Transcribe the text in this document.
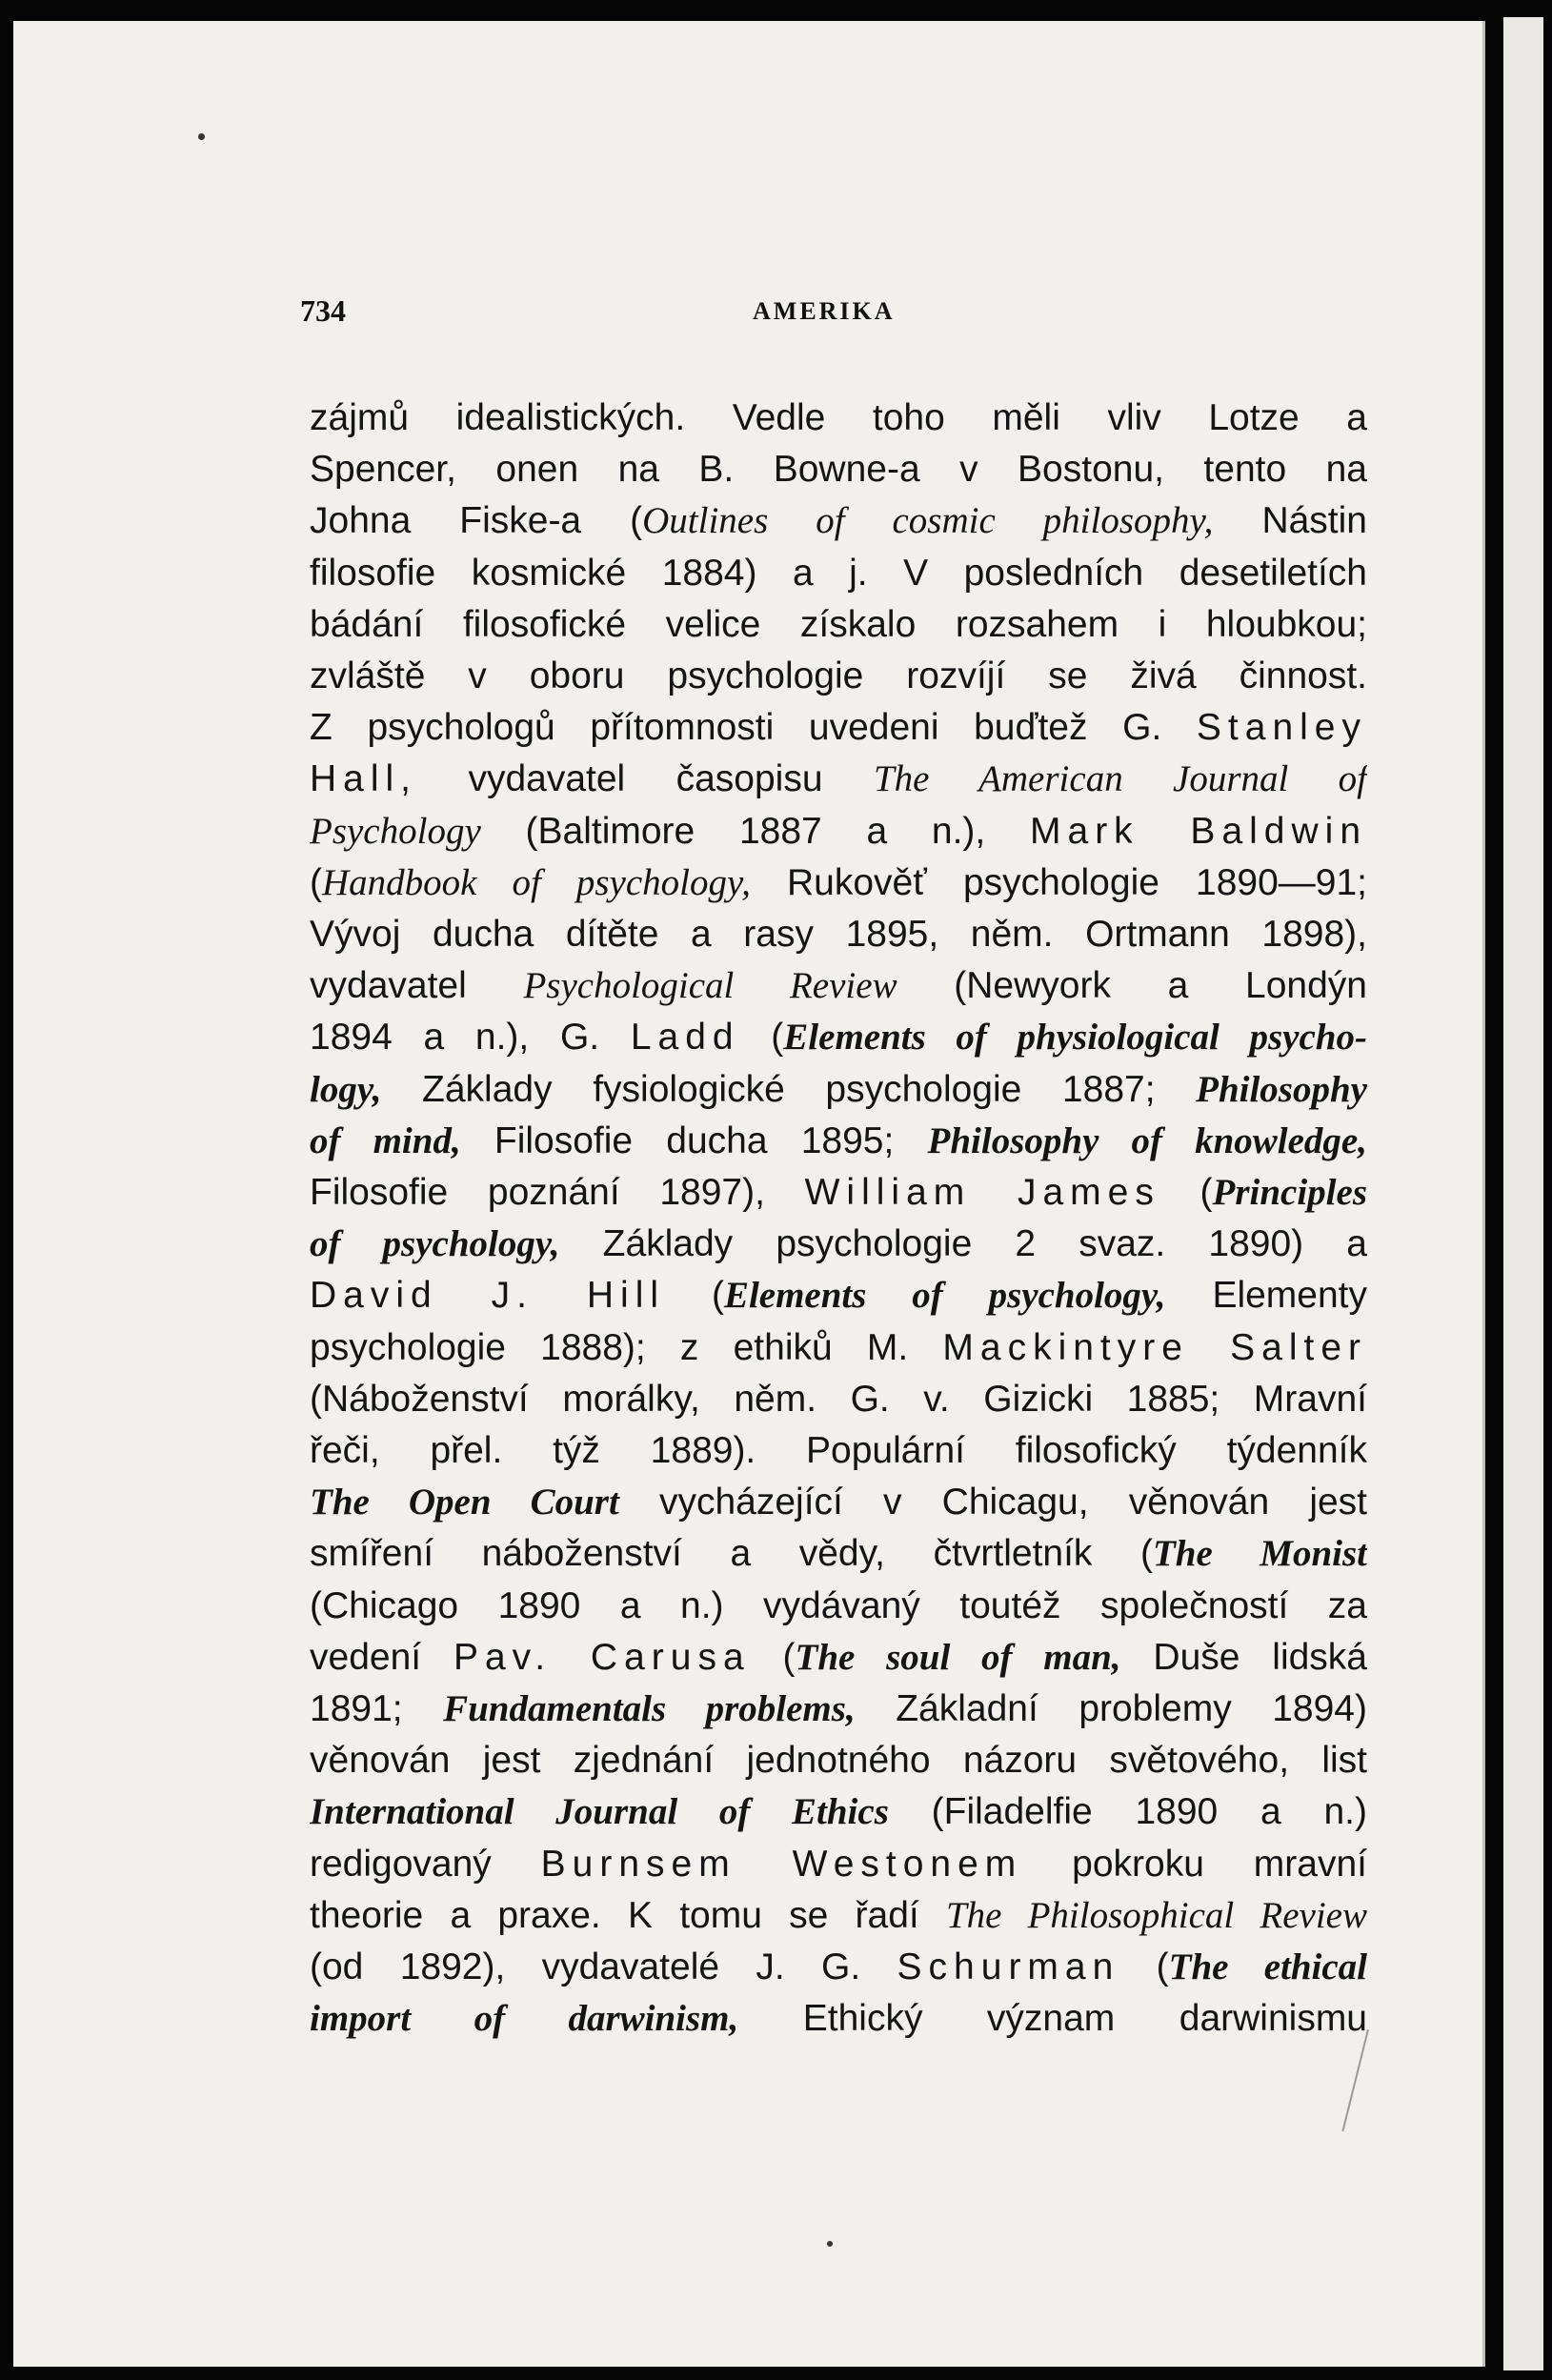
734	AMERIKA
zájmů idealistických. Vedle toho měli vliv Lotze a
Spencer, onen na B. Bowne-a v Bostonu, tento na
Johna Fiske-a (Outlines of cosmic philosophy, Nástin
filosofie kosmické 1884) a j. V posledních desetiletích
bádání filosofické velice získalo rozsahem i hloubkou;
zvláště v oboru psychologie rozvíjí se živá činnost.
Z psychologů přítomnosti uvedeni buďtež G. Stanley
Hall, vydavatel časopisu The American Journal of
Psychology (Baltimore 1887 a n.), Mark Baldwin
(Handbook of psychology, Rukověť psychologie 1890—91;
Vývoj ducha dítěte a rasy 1895, něm. Ortmann 1898),
vydavatel Psychological Review (Newyork a Londýn
1894 a n.), G. Ladd (Elements of physiological psycho-
logy, Základy fysiologické psychologie 1887; Philosophy
of mind, Filosofie ducha 1895; Philosophy of knowledge,
Filosofie poznání 1897), William James (Principles
of psychology, Základy psychologie 2 svaz. 1890) a
David J. Hill (Elements of psychology, Elementy
psychologie 1888); z ethiků M. Mackintyre Salter
(Náboženství morálky, něm. G. v. Gizicki 1885; Mravní
řeči, přel. týž 1889). Populární filosofický týdenník
The Open Court vycházející v Chicagu, věnován jest
smíření náboženství a vědy, čtvrtletník (The Monist
(Chicago 1890 a n.) vydávaný toutéž společností za
vedení Pav. Carusa (The soul of man, Duše lidská
1891; Fundamentals problems, Základní problemy 1894)
věnován jest zjednání jednotného názoru světového, list
International Journal of Ethics (Filadelfie 1890 a n.)
redigovaný Burnsem Westonem pokroku mravní
theorie a praxe. K tomu se řadí The Philosophical Review
(od 1892), vydavatelé J. G. Schurman (The ethical
import of darwinism, Ethický význam darwinismu
